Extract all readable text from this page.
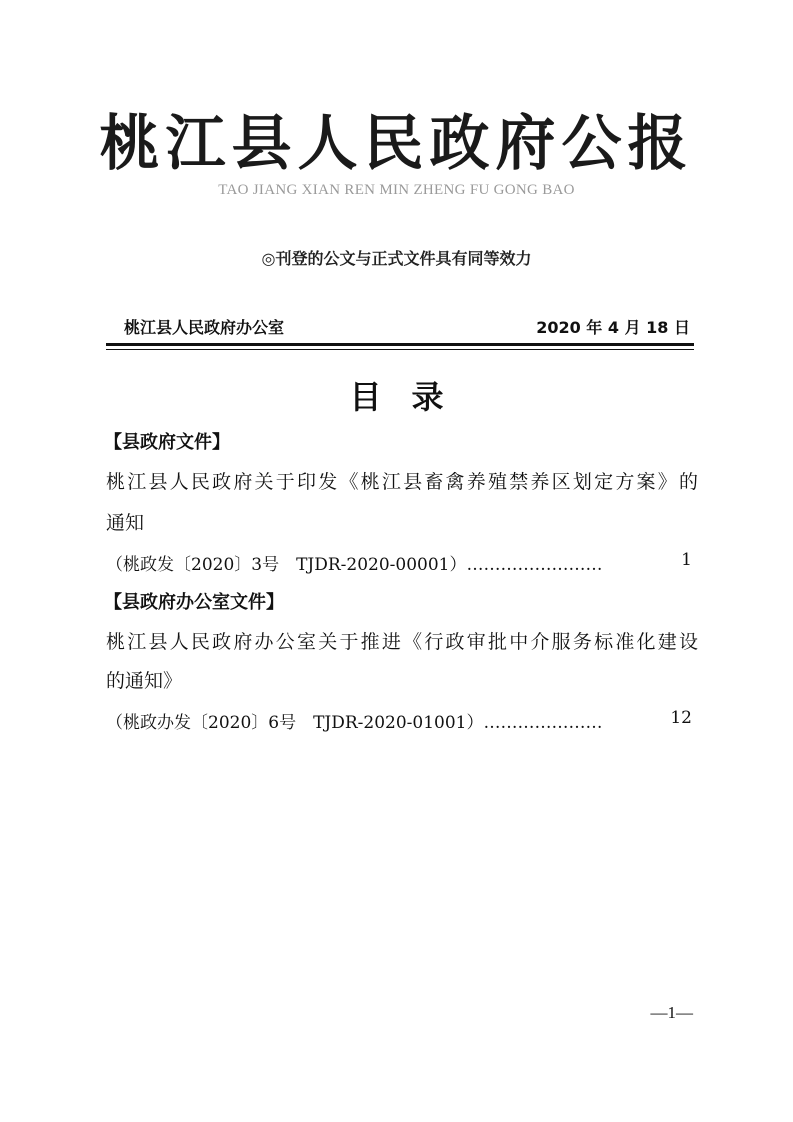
桃江县人民政府公报
TAO JIANG XIAN REN MIN ZHENG FU GONG BAO
◎刊登的公文与正式文件具有同等效力
桃江县人民政府办公室	2020 年 4 月 18 日
目录
【县政府文件】
桃江县人民政府关于印发《桃江县畜禽养殖禁养区划定方案》的
通知
（桃政发〔2020〕3号　TJDR-2020-00001）……………………	1
【县政府办公室文件】
桃江县人民政府办公室关于推进《行政审批中介服务标准化建设
的通知》
（桃政办发〔2020〕6号　TJDR-2020-01001）…………………	12
—1—
